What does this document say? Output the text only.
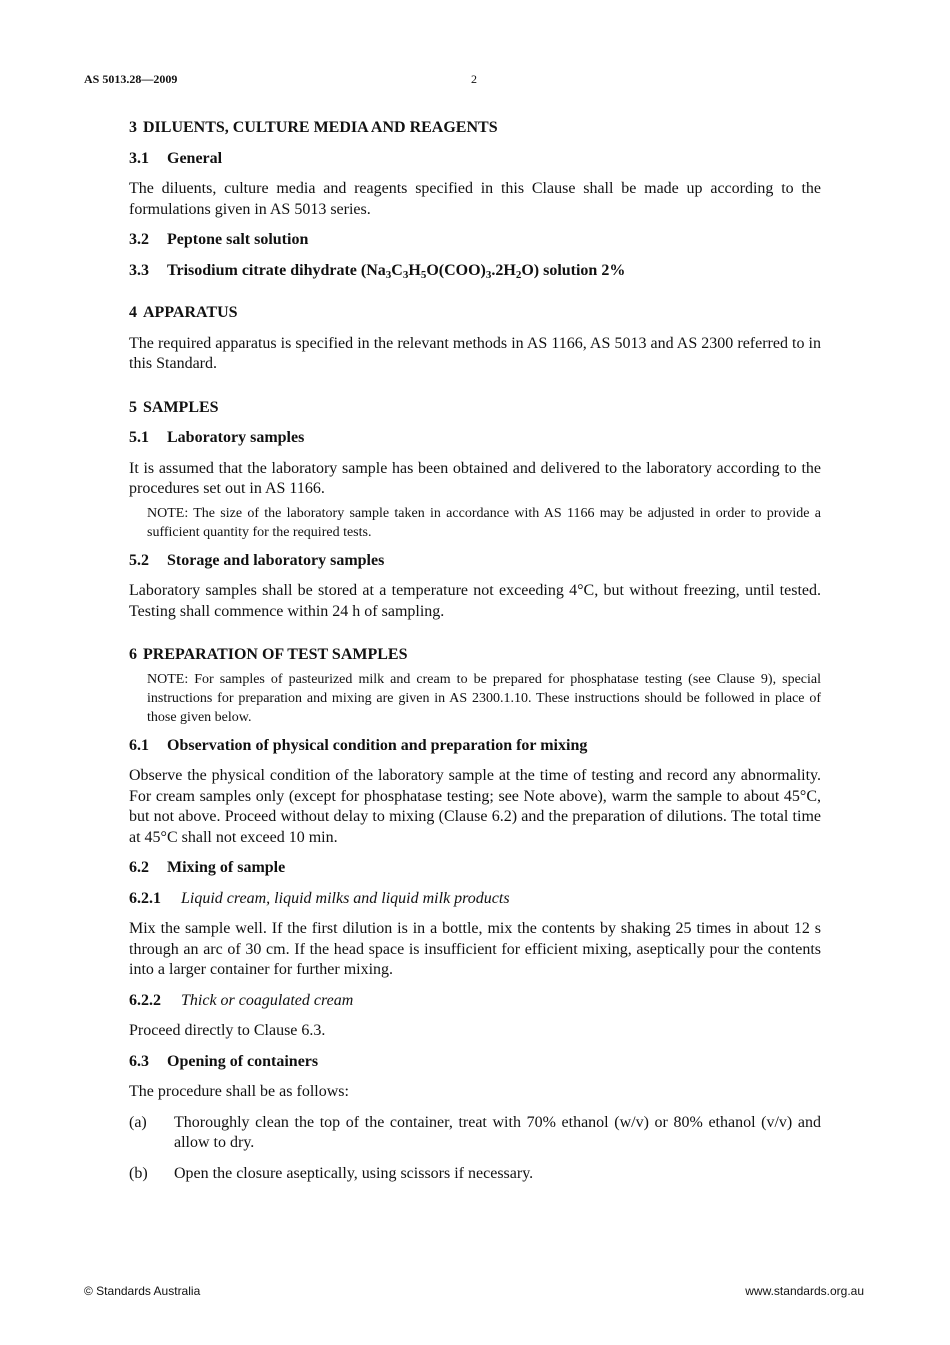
AS 5013.28—2009	2
3 DILUENTS, CULTURE MEDIA AND REAGENTS
3.1 General

The diluents, culture media and reagents specified in this Clause shall be made up according to the formulations given in AS 5013 series.

3.2 Peptone salt solution
3.3 Trisodium citrate dihydrate $(Na_3C_3H_5O(COO)_3.2H_2O)$ solution 2%
4 APPARATUS

The required apparatus is specified in the relevant methods in AS 1166, AS 5013 and AS 2300 referred to in this Standard.

5 SAMPLES
5.1 Laboratory samples

It is assumed that the laboratory sample has been obtained and delivered to the laboratory according to the procedures set out in AS 1166.

NOTE: The size of the laboratory sample taken in accordance with AS 1166 may be adjusted in order to provide a sufficient quantity for the required tests.

5.2 Storage and laboratory samples

Laboratory samples shall be stored at a temperature not exceeding 4°C, but without freezing, until tested. Testing shall commence within 24 h of sampling.

6 PREPARATION OF TEST SAMPLES

NOTE: For samples of pasteurized milk and cream to be prepared for phosphatase testing (see Clause 9), special instructions for preparation and mixing are given in AS 2300.1.10. These instructions should be followed in place of those given below.

6.1 Observation of physical condition and preparation for mixing

Observe the physical condition of the laboratory sample at the time of testing and record any abnormality. For cream samples only (except for phosphatase testing; see Note above), warm the sample to about 45°C, but not above. Proceed without delay to mixing (Clause 6.2) and the preparation of dilutions. The total time at 45°C shall not exceed 10 min.

6.2 Mixing of sample
6.2.1 Liquid cream, liquid milks and liquid milk products

Mix the sample well. If the first dilution is in a bottle, mix the contents by shaking 25 times in about 12 s through an arc of 30 cm. If the head space is insufficient for efficient mixing, aseptically pour the contents into a larger container for further mixing.

6.2.2 Thick or coagulated cream

Proceed directly to Clause 6.3.

6.3 Opening of containers

The procedure shall be as follows:

(a)	Thoroughly clean the top of the container, treat with 70% ethanol (w/v) or 80% ethanol (v/v) and allow to dry.
(b)	Open the closure aseptically, using scissors if necessary.
© Standards Australia	www.standards.org.au
